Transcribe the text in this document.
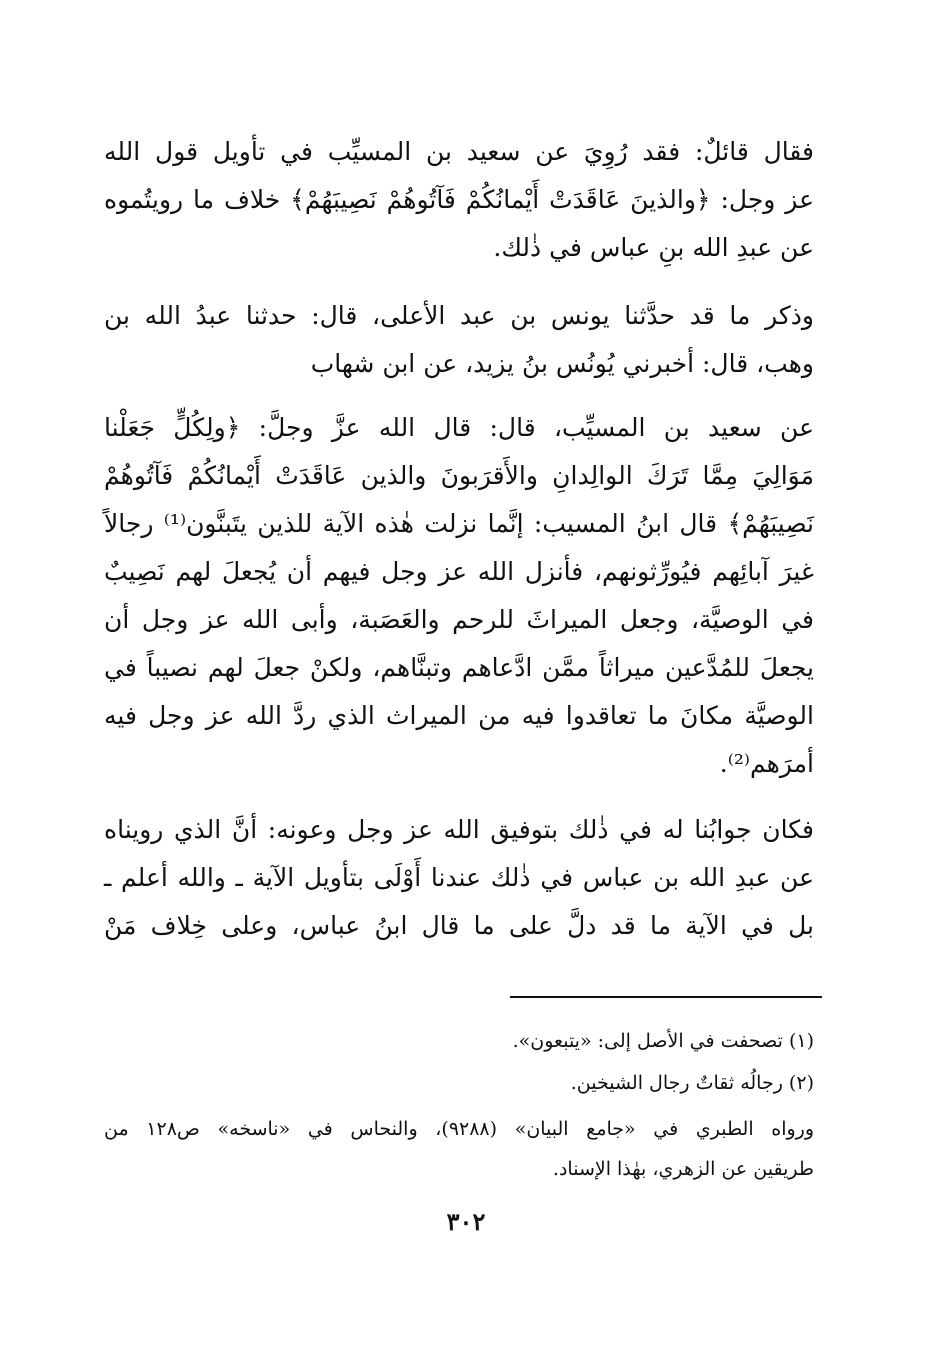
فقال قائلٌ: فقد رُوِيَ عن سعيد بن المسيِّب في تأويل قول الله
عز وجل: ﴿والذينَ عَاقَدَتْ أَيْمانُكُمْ فَآتُوهُمْ نَصِيبَهُمْ﴾ خلاف ما رويتُموه
عن عبدِ الله بنِ عباس في ذٰلك.
وذكر ما قد حدَّثنا يونس بن عبد الأعلى، قال: حدثنا عبدُ الله بن
وهب، قال: أخبرني يُونُس بنُ يزيد، عن ابن شهاب
عن سعيد بن المسيِّب، قال: قال الله عزَّ وجلَّ: ﴿ولِكُلٍّ جَعَلْنا
مَوَالِيَ مِمَّا تَرَكَ الوالِدانِ والأَقرَبونَ والذين عَاقَدَتْ أَيْمانُكُمْ فَآتُوهُمْ
نَصِيبَهُمْ﴾ قال ابنُ المسيب: إنَّما نزلت هٰذه الآية للذين يتَبنَّون⁽¹⁾ رجالاً
غيرَ آبائِهم فيُورِّثونهم، فأنزل الله عز وجل فيهم أن يُجعلَ لهم نَصِيبٌ
في الوصيَّة، وجعل الميراثَ للرحم والعَصَبة، وأبى الله عز وجل أن
يجعلَ للمُدَّعين ميراثاً ممَّن ادَّعاهم وتبنَّاهم، ولكنْ جعلَ لهم نصيباً في
الوصيَّة مكانَ ما تعاقدوا فيه من الميراث الذي ردَّ الله عز وجل فيه
أمرَهم⁽²⁾.
فكان جوابُنا له في ذٰلك بتوفيق الله عز وجل وعونه: أنَّ الذي رويناه
عن عبدِ الله بن عباس في ذٰلك عندنا أَوْلَى بتأويل الآية ـ والله أعلم ـ
بل في الآية ما قد دلَّ على ما قال ابنُ عباس، وعلى خِلاف مَنْ
(١) تصحفت في الأصل إلى: «يتبعون».
(٢) رجالُه ثقاتٌ رجال الشيخين.
ورواه الطبري في «جامع البيان» (٩٢٨٨)، والنحاس في «ناسخه» ص١٢٨ من
طريقين عن الزهري، بهٰذا الإسناد.
٣٠٢
